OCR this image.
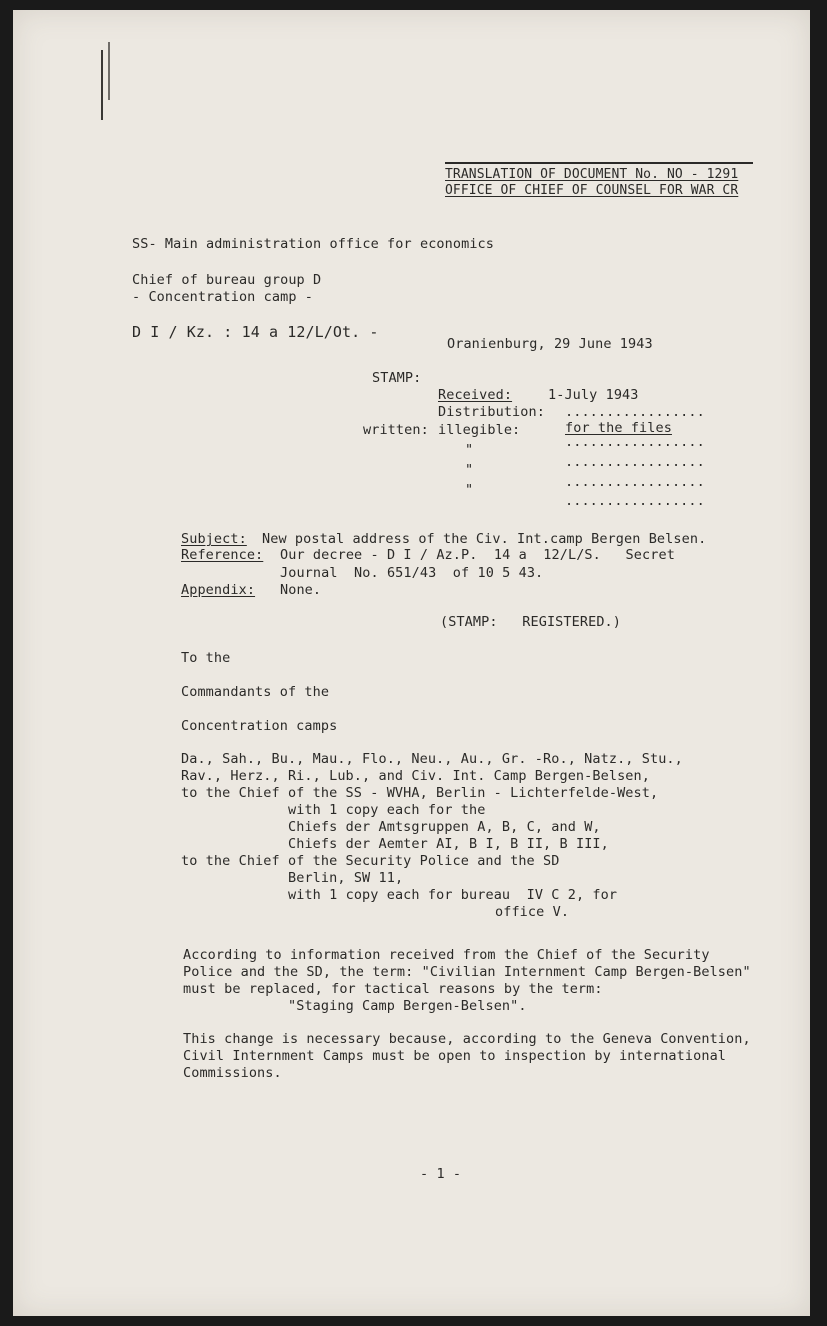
TRANSLATION OF DOCUMENT No. NO - 1291
OFFICE OF CHIEF OF COUNSEL FOR WAR CR
SS- Main administration office for economics
Chief of bureau group D
- Concentration camp -
D I / Kz. : 14 a 12/L/Ot. -
Oranienburg, 29 June 1943
STAMP:
Received:	1-July 1943
Distribution: .................
written: illegible:	for the files
.................
"
.................
"
.................
"
.................
Subject: New postal address of the Civ. Int.camp Bergen Belsen.
Reference: Our decree - D I / Az.P.  14 a  12/L/S.   Secret
Journal  No. 651/43  of 10 5 43.
Appendix: None.
(STAMP:   REGISTERED.)
To the
Commandants of the
Concentration camps
Da., Sah., Bu., Mau., Flo., Neu., Au., Gr. -Ro., Natz., Stu.,
Rav., Herz., Ri., Lub., and Civ. Int. Camp Bergen-Belsen,
to the Chief of the SS - WVHA, Berlin - Lichterfelde-West,
with 1 copy each for the
Chiefs der Amtsgruppen A, B, C, and W,
Chiefs der Aemter AI, B I, B II, B III,
to the Chief of the Security Police and the SD
Berlin, SW 11,
with 1 copy each for bureau  IV C 2, for
office V.
According to information received from the Chief of the Security
Police and the SD, the term: "Civilian Internment Camp Bergen-Belsen"
must be replaced, for tactical reasons by the term:
"Staging Camp Bergen-Belsen".
This change is necessary because, according to the Geneva Convention,
Civil Internment Camps must be open to inspection by international
Commissions.
- 1 -
